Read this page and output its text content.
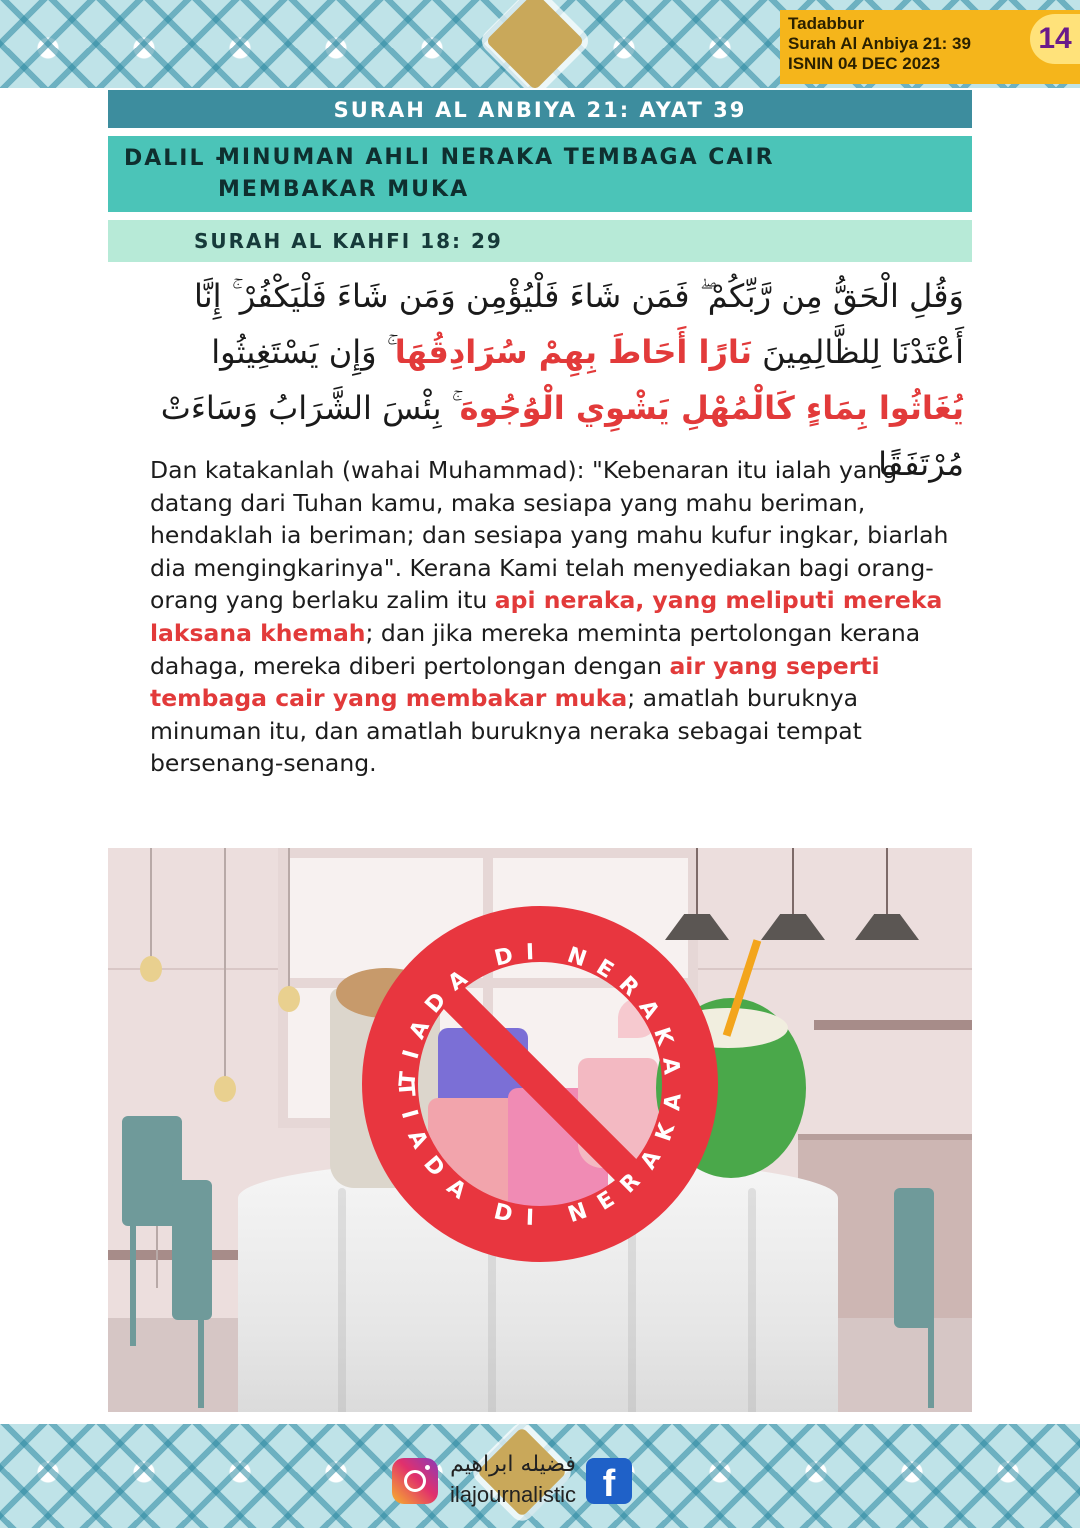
Tadabbur
Surah Al Anbiya 21: 39
ISNIN 04 DEC 2023
14
SURAH AL ANBIYA 21: AYAT 39
DALIL -
MINUMAN AHLI NERAKA TEMBAGA CAIR MEMBAKAR MUKA
SURAH AL KAHFI 18: 29
وَقُلِ الْحَقُّ مِن رَّبِّكُمْ ۖ فَمَن شَاءَ فَلْيُؤْمِن وَمَن شَاءَ فَلْيَكْفُرْ ۚ إِنَّا أَعْتَدْنَا لِلظَّالِمِينَ نَارًا أَحَاطَ بِهِمْ سُرَادِقُهَا ۚ وَإِن يَسْتَغِيثُوا يُغَاثُوا بِمَاءٍ كَالْمُهْلِ يَشْوِي الْوُجُوهَ ۚ بِئْسَ الشَّرَابُ وَسَاءَتْ مُرْتَفَقًا
Dan katakanlah (wahai Muhammad): "Kebenaran itu ialah yang datang dari Tuhan kamu, maka sesiapa yang mahu beriman, hendaklah ia beriman; dan sesiapa yang mahu kufur ingkar, biarlah dia mengingkarinya". Kerana Kami telah menyediakan bagi orang-orang yang berlaku zalim itu api neraka, yang meliputi mereka laksana khemah; dan jika mereka meminta pertolongan kerana dahaga, mereka diberi pertolongan dengan air yang seperti tembaga cair yang membakar muka; amatlah buruknya minuman itu, dan amatlah buruknya neraka sebagai tempat bersenang-senang.
TIADA DI NERAKA
TIADA DI NERAKA
فضيله ابراهيم
ilajournalistic f
